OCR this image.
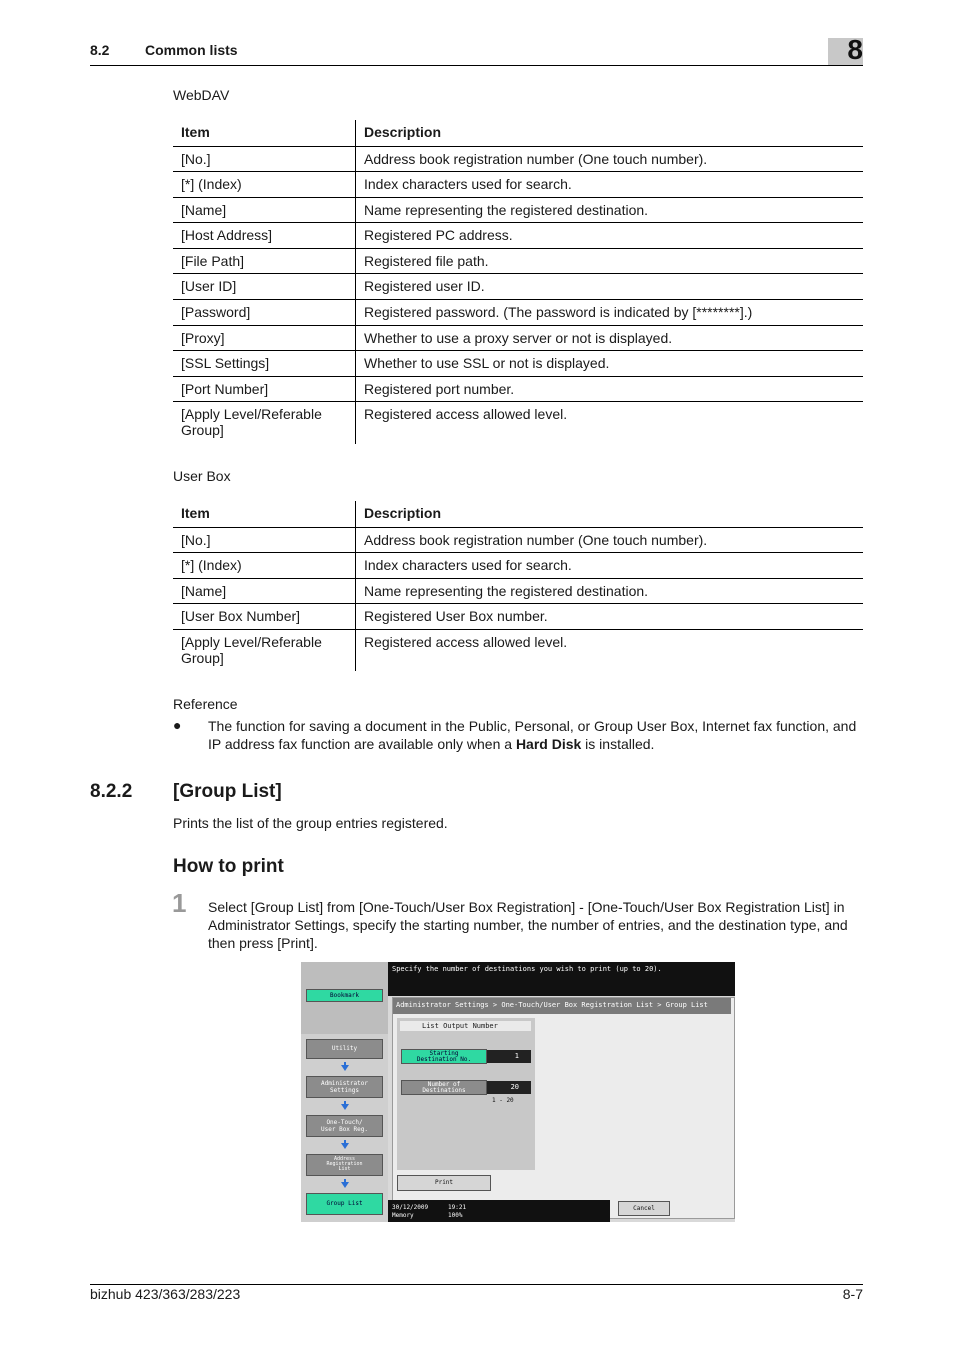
8.2	Common lists	8
WebDAV
Item	Description
[No.]	Address book registration number (One touch number).
[*] (Index)	Index characters used for search.
[Name]	Name representing the registered destination.
[Host Address]	Registered PC address.
[File Path]	Registered file path.
[User ID]	Registered user ID.
[Password]	Registered password. (The password is indicated by [********].)
[Proxy]	Whether to use a proxy server or not is displayed.
[SSL Settings]	Whether to use SSL or not is displayed.
[Port Number]	Registered port number.
[Apply Level/Referable Group]	Registered access allowed level.
User Box
Item	Description
[No.]	Address book registration number (One touch number).
[*] (Index)	Index characters used for search.
[Name]	Name representing the registered destination.
[User Box Number]	Registered User Box number.
[Apply Level/Referable Group]	Registered access allowed level.
Reference
● The function for saving a document in the Public, Personal, or Group User Box, Internet fax function, and IP address fax function are available only when a Hard Disk is installed.
8.2.2 [Group List]
Prints the list of the group entries registered.
How to print
1 Select [Group List] from [One-Touch/User Box Registration] - [One-Touch/User Box Registration List] in Administrator Settings, specify the starting number, the number of entries, and the destination type, and then press [Print].
Specify the number of destinations you wish to print (up to 20).
Bookmark
Utility
Administrator
Settings
One-Touch/
User Box Reg.
Address
Registration
List
Group List
Administrator Settings > One-Touch/User Box Registration List > Group List
List Output Number
Starting
Destination No.	1
Number of
Destinations	20
1 - 20
Print
30/12/2009
Memory
19:21
100%
Cancel
bizhub 423/363/283/223	8-7
